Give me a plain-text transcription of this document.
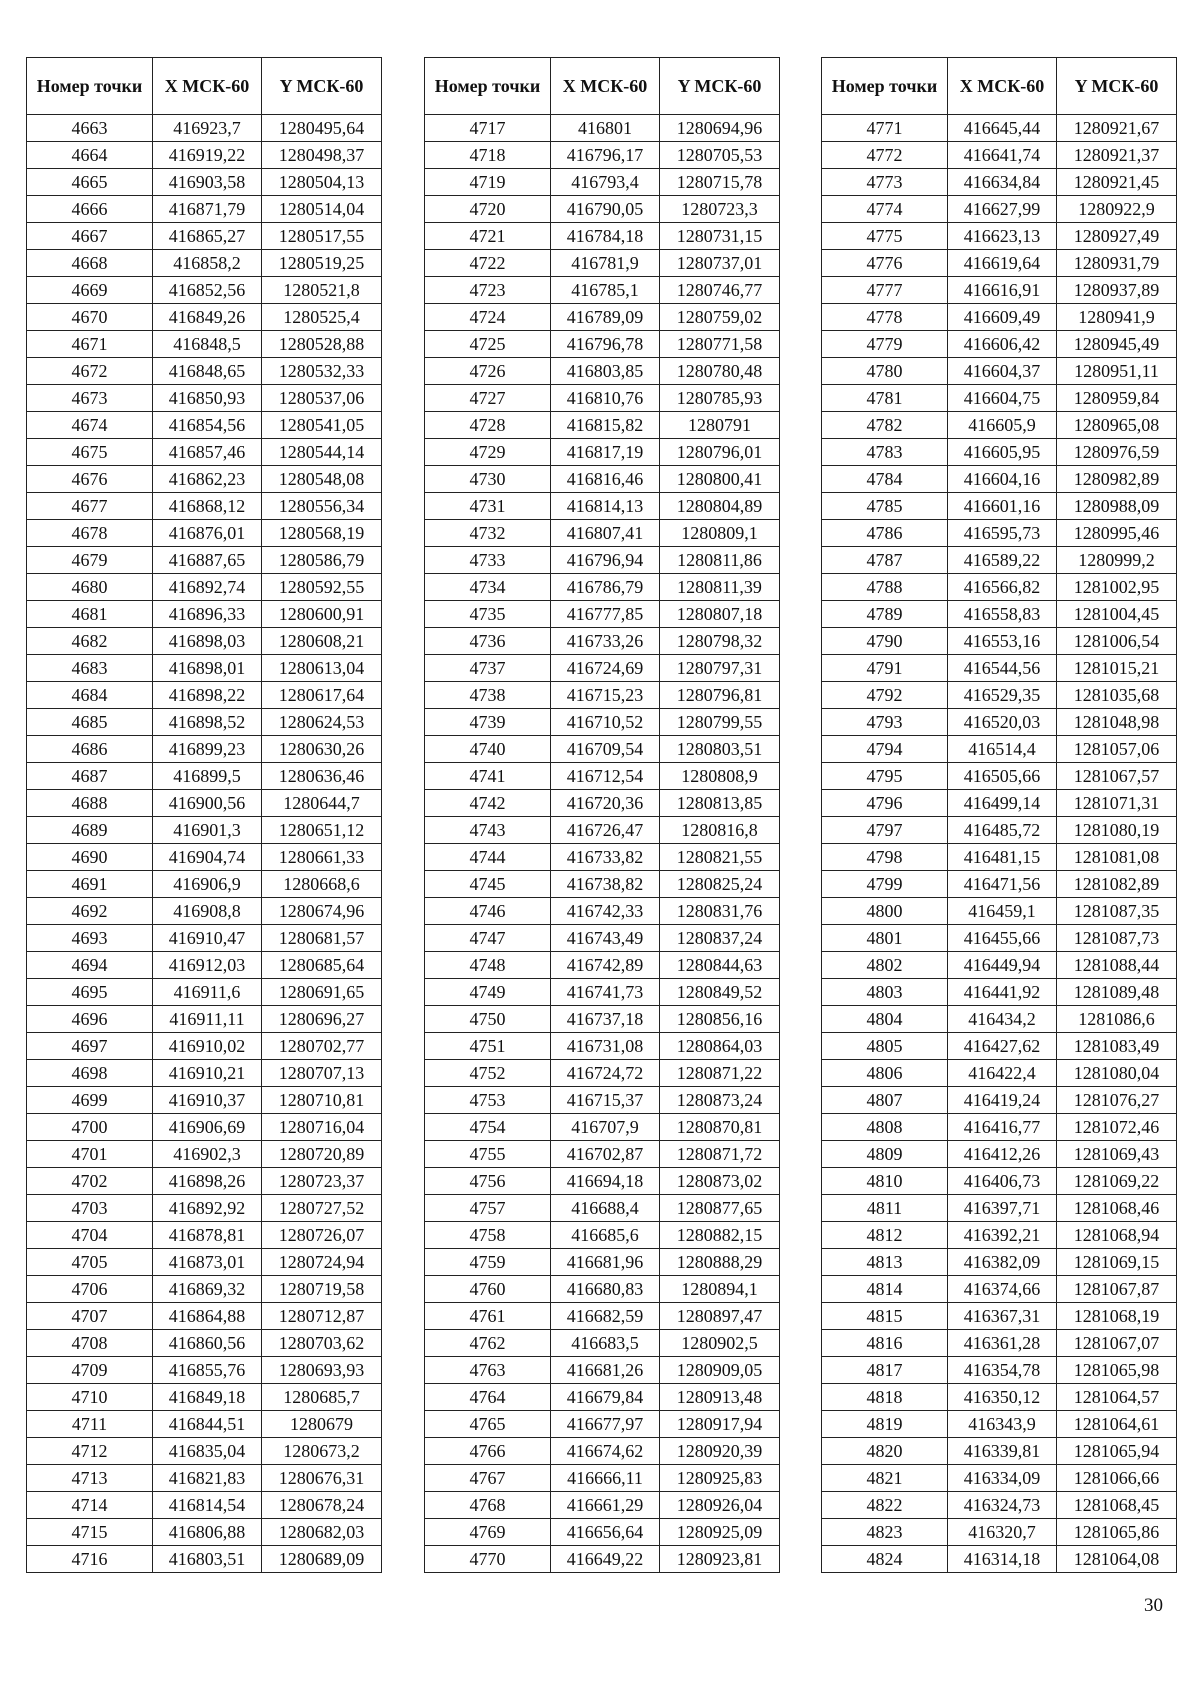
Номер точки	X МСК-60	Y МСК-60
4663	416923,7	1280495,64
4664	416919,22	1280498,37
4665	416903,58	1280504,13
4666	416871,79	1280514,04
4667	416865,27	1280517,55
4668	416858,2	1280519,25
4669	416852,56	1280521,8
4670	416849,26	1280525,4
4671	416848,5	1280528,88
4672	416848,65	1280532,33
4673	416850,93	1280537,06
4674	416854,56	1280541,05
4675	416857,46	1280544,14
4676	416862,23	1280548,08
4677	416868,12	1280556,34
4678	416876,01	1280568,19
4679	416887,65	1280586,79
4680	416892,74	1280592,55
4681	416896,33	1280600,91
4682	416898,03	1280608,21
4683	416898,01	1280613,04
4684	416898,22	1280617,64
4685	416898,52	1280624,53
4686	416899,23	1280630,26
4687	416899,5	1280636,46
4688	416900,56	1280644,7
4689	416901,3	1280651,12
4690	416904,74	1280661,33
4691	416906,9	1280668,6
4692	416908,8	1280674,96
4693	416910,47	1280681,57
4694	416912,03	1280685,64
4695	416911,6	1280691,65
4696	416911,11	1280696,27
4697	416910,02	1280702,77
4698	416910,21	1280707,13
4699	416910,37	1280710,81
4700	416906,69	1280716,04
4701	416902,3	1280720,89
4702	416898,26	1280723,37
4703	416892,92	1280727,52
4704	416878,81	1280726,07
4705	416873,01	1280724,94
4706	416869,32	1280719,58
4707	416864,88	1280712,87
4708	416860,56	1280703,62
4709	416855,76	1280693,93
4710	416849,18	1280685,7
4711	416844,51	1280679
4712	416835,04	1280673,2
4713	416821,83	1280676,31
4714	416814,54	1280678,24
4715	416806,88	1280682,03
4716	416803,51	1280689,09
Номер точки	X МСК-60	Y МСК-60
4717	416801	1280694,96
4718	416796,17	1280705,53
4719	416793,4	1280715,78
4720	416790,05	1280723,3
4721	416784,18	1280731,15
4722	416781,9	1280737,01
4723	416785,1	1280746,77
4724	416789,09	1280759,02
4725	416796,78	1280771,58
4726	416803,85	1280780,48
4727	416810,76	1280785,93
4728	416815,82	1280791
4729	416817,19	1280796,01
4730	416816,46	1280800,41
4731	416814,13	1280804,89
4732	416807,41	1280809,1
4733	416796,94	1280811,86
4734	416786,79	1280811,39
4735	416777,85	1280807,18
4736	416733,26	1280798,32
4737	416724,69	1280797,31
4738	416715,23	1280796,81
4739	416710,52	1280799,55
4740	416709,54	1280803,51
4741	416712,54	1280808,9
4742	416720,36	1280813,85
4743	416726,47	1280816,8
4744	416733,82	1280821,55
4745	416738,82	1280825,24
4746	416742,33	1280831,76
4747	416743,49	1280837,24
4748	416742,89	1280844,63
4749	416741,73	1280849,52
4750	416737,18	1280856,16
4751	416731,08	1280864,03
4752	416724,72	1280871,22
4753	416715,37	1280873,24
4754	416707,9	1280870,81
4755	416702,87	1280871,72
4756	416694,18	1280873,02
4757	416688,4	1280877,65
4758	416685,6	1280882,15
4759	416681,96	1280888,29
4760	416680,83	1280894,1
4761	416682,59	1280897,47
4762	416683,5	1280902,5
4763	416681,26	1280909,05
4764	416679,84	1280913,48
4765	416677,97	1280917,94
4766	416674,62	1280920,39
4767	416666,11	1280925,83
4768	416661,29	1280926,04
4769	416656,64	1280925,09
4770	416649,22	1280923,81
Номер точки	X МСК-60	Y МСК-60
4771	416645,44	1280921,67
4772	416641,74	1280921,37
4773	416634,84	1280921,45
4774	416627,99	1280922,9
4775	416623,13	1280927,49
4776	416619,64	1280931,79
4777	416616,91	1280937,89
4778	416609,49	1280941,9
4779	416606,42	1280945,49
4780	416604,37	1280951,11
4781	416604,75	1280959,84
4782	416605,9	1280965,08
4783	416605,95	1280976,59
4784	416604,16	1280982,89
4785	416601,16	1280988,09
4786	416595,73	1280995,46
4787	416589,22	1280999,2
4788	416566,82	1281002,95
4789	416558,83	1281004,45
4790	416553,16	1281006,54
4791	416544,56	1281015,21
4792	416529,35	1281035,68
4793	416520,03	1281048,98
4794	416514,4	1281057,06
4795	416505,66	1281067,57
4796	416499,14	1281071,31
4797	416485,72	1281080,19
4798	416481,15	1281081,08
4799	416471,56	1281082,89
4800	416459,1	1281087,35
4801	416455,66	1281087,73
4802	416449,94	1281088,44
4803	416441,92	1281089,48
4804	416434,2	1281086,6
4805	416427,62	1281083,49
4806	416422,4	1281080,04
4807	416419,24	1281076,27
4808	416416,77	1281072,46
4809	416412,26	1281069,43
4810	416406,73	1281069,22
4811	416397,71	1281068,46
4812	416392,21	1281068,94
4813	416382,09	1281069,15
4814	416374,66	1281067,87
4815	416367,31	1281068,19
4816	416361,28	1281067,07
4817	416354,78	1281065,98
4818	416350,12	1281064,57
4819	416343,9	1281064,61
4820	416339,81	1281065,94
4821	416334,09	1281066,66
4822	416324,73	1281068,45
4823	416320,7	1281065,86
4824	416314,18	1281064,08
30
